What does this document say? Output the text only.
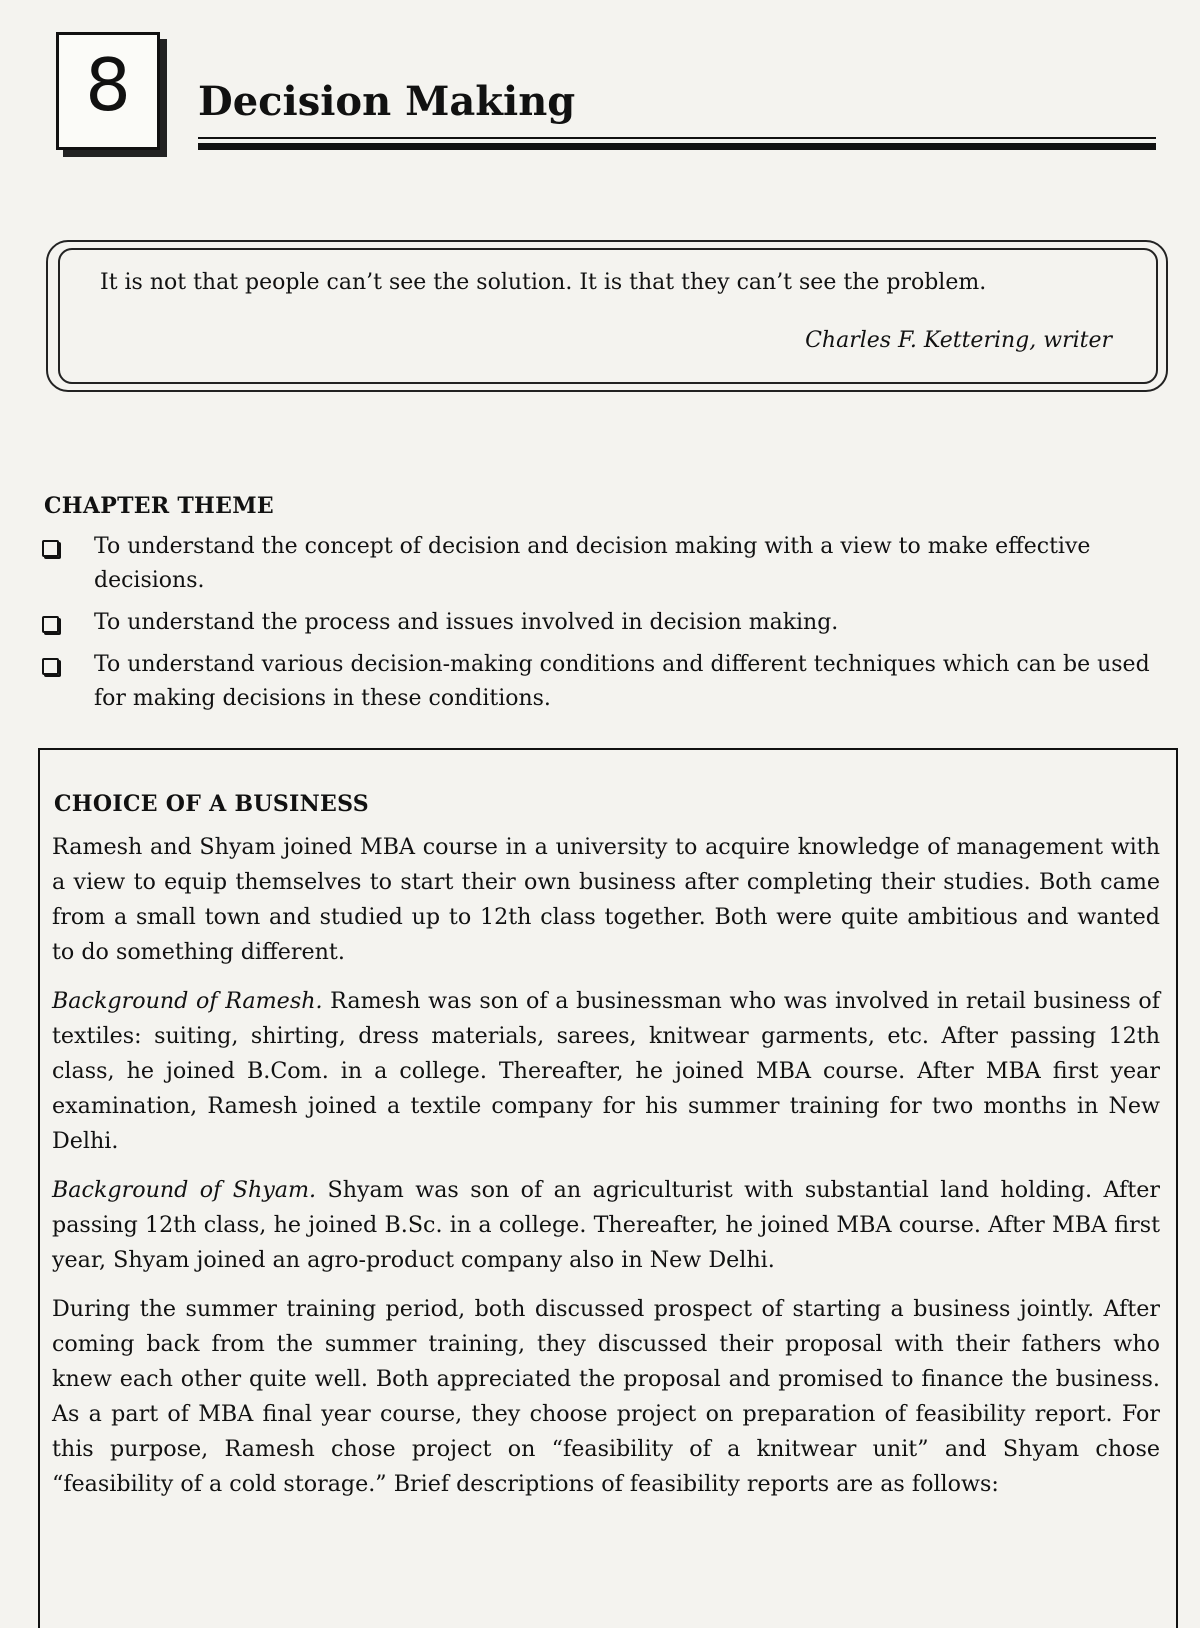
8	Decision Making
It is not that people can’t see the solution. It is that they can’t see the problem.
Charles F. Kettering, writer
CHAPTER THEME
To understand the concept of decision and decision making with a view to make effective decisions.
To understand the process and issues involved in decision making.
To understand various decision-making conditions and different techniques which can be used for making decisions in these conditions.
CHOICE OF A BUSINESS

Ramesh and Shyam joined MBA course in a university to acquire knowledge of management with a view to equip themselves to start their own business after completing their studies. Both came from a small town and studied up to 12th class together. Both were quite ambitious and wanted to do something different.

Background of Ramesh. Ramesh was son of a businessman who was involved in retail business of textiles: suiting, shirting, dress materials, sarees, knitwear garments, etc. After passing 12th class, he joined B.Com. in a college. Thereafter, he joined MBA course. After MBA first year examination, Ramesh joined a textile company for his summer training for two months in New Delhi.

Background of Shyam. Shyam was son of an agriculturist with substantial land holding. After passing 12th class, he joined B.Sc. in a college. Thereafter, he joined MBA course. After MBA first year, Shyam joined an agro-product company also in New Delhi.

During the summer training period, both discussed prospect of starting a business jointly. After coming back from the summer training, they discussed their proposal with their fathers who knew each other quite well. Both appreciated the proposal and promised to finance the business. As a part of MBA final year course, they choose project on preparation of feasibility report. For this purpose, Ramesh chose project on “feasibility of a knitwear unit” and Shyam chose “feasibility of a cold storage.” Brief descriptions of feasibility reports are as follows:
